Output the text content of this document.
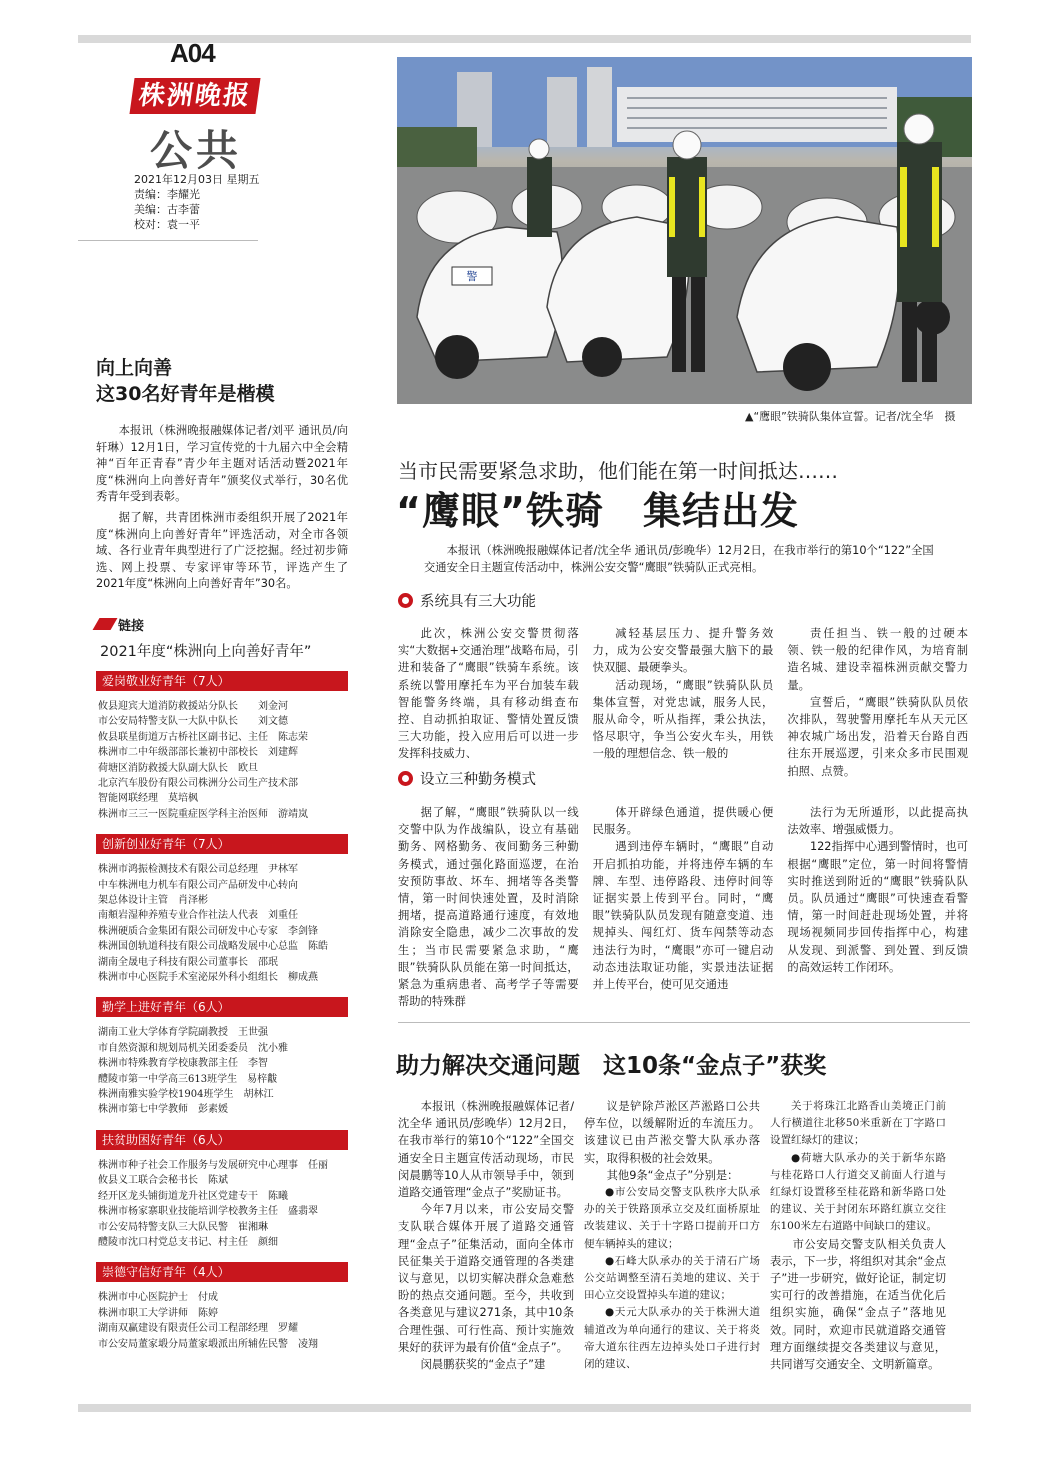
A04
株洲晚报
公共
2021年12月03日 星期五
责编：李耀光
美编：古李蕾
校对：袁一平
向上向善
这30名好青年是楷模

本报讯（株洲晚报融媒体记者/刘平 通讯员/向轩琳）12月1日，学习宣传党的十九届六中全会精神“百年正青春”青少年主题对话活动暨2021年度“株洲向上向善好青年”颁奖仪式举行，30名优秀青年受到表彰。

据了解，共青团株洲市委组织开展了2021年度“株洲向上向善好青年”评选活动，对全市各领域、各行业青年典型进行了广泛挖掘。经过初步筛选、网上投票、专家评审等环节，评选产生了2021年度“株洲向上向善好青年”30名。

链接
2021年度“株洲向上向善好青年”
爱岗敬业好青年（7人）
攸县迎宾大道消防救援站分队长　　刘金河
市公安局特警支队一大队中队长　　刘文德
攸县联星街道万古桥社区副书记、主任　陈志荣
株洲市二中年级部部长兼初中部校长　刘建辉
荷塘区消防救援大队副大队长　欧旦
北京汽车股份有限公司株洲分公司生产技术部
智能网联经理　莫培枫
株洲市三三一医院重症医学科主治医师　游靖岚
创新创业好青年（7人）
株洲市鸿振检测技术有限公司总经理　尹林军
中车株洲电力机车有限公司产品研发中心转向
架总体设计主管　肖泽彬
南頫岩湿种养殖专业合作社法人代表　刘重任
株洲硬质合金集团有限公司研发中心专家　李剑锋
株洲国创轨道科技有限公司战略发展中心总监　陈皓
湖南全晟电子科技有限公司董事长　邵珉
株洲市中心医院手术室泌尿外科小组组长　柳成燕
勤学上进好青年（6人）
湖南工业大学体育学院副教授　王世强
市自然资源和规划局机关团委委员　沈小雅
株洲市特殊教育学校康教部主任　李智
醴陵市第一中学高三613班学生　易梓黻
株洲南雅实验学校1904班学生　胡林江
株洲市第七中学教师　彭素媛
扶贫助困好青年（6人）
株洲市种子社会工作服务与发展研究中心理事　任丽
攸县义工联合会秘书长　陈斌
经开区龙头铺街道龙升社区党建专干　陈曦
株洲市杨家寨职业技能培训学校教务主任　盛翡翠
市公安局特警支队三大队民警　崔湘琳
醴陵市沈口村党总支书记、村主任　颜细
崇德守信好青年（4人）
株洲市中心医院护士　付成
株洲市职工大学讲师　陈婷
湖南双赢建设有限责任公司工程部经理　罗耀
市公安局董家塅分局董家塅派出所辅佐民警　凌翔
警
▲“鹰眼”铁骑队集体宣誓。记者/沈全华　摄
当市民需要紧急求助，他们能在第一时间抵达……
“鹰眼”铁骑　集结出发
本报讯（株洲晚报融媒体记者/沈全华 通讯员/彭晚华）12月2日，在我市举行的第10个“122”全国交通安全日主题宣传活动中，株洲公安交警“鹰眼”铁骑队正式亮相。
系统具有三大功能

此次，株洲公安交警贯彻落实“大数据+交通治理”战略布局，引进和装备了“鹰眼”铁骑车系统。该系统以警用摩托车为平台加装车载智能警务终端，具有移动缉查布控、自动抓拍取证、警情处置反馈三大功能，投入应用后可以进一步发挥科技威力、

减轻基层压力、提升警务效力，成为公安交警最强大脑下的最快双腿、最硬拳头。

活动现场，“鹰眼”铁骑队队员集体宣誓，对党忠诚，服务人民，服从命令，听从指挥，秉公执法，恪尽职守，争当公安火车头，用铁一般的理想信念、铁一般的

责任担当、铁一般的过硬本领、铁一般的纪律作风，为培育制造名城、建设幸福株洲贡献交警力量。

宣誓后，“鹰眼”铁骑队队员依次排队，驾驶警用摩托车从天元区神农城广场出发，沿着天台路自西往东开展巡逻，引来众多市民围观拍照、点赞。

设立三种勤务模式

据了解，“鹰眼”铁骑队以一线交警中队为作战编队，设立有基础勤务、网格勤务、夜间勤务三种勤务模式，通过强化路面巡逻，在治安预防事故、坏车、拥堵等各类警情，第一时间快速处置，及时消除拥堵，提高道路通行速度，有效地消除安全隐患，减少二次事故的发生；当市民需要紧急求助，“鹰眼”铁骑队队员能在第一时间抵达，紧急为重病患者、高考学子等需要帮助的特殊群

体开辟绿色通道，提供暖心便民服务。

遇到违停车辆时，“鹰眼”自动开启抓拍功能，并将违停车辆的车牌、车型、违停路段、违停时间等证据实景上传到平台。同时，“鹰眼”铁骑队队员发现有随意变道、违规掉头、闯红灯、货车闯禁等动态违法行为时，“鹰眼”亦可一键启动动态违法取证功能，实景违法证据并上传平台，使可见交通违

法行为无所遁形，以此提高执法效率、增强威慑力。

122指挥中心遇到警情时，也可根据“鹰眼”定位，第一时间将警情实时推送到附近的“鹰眼”铁骑队队员。队员通过“鹰眼”可快速查看警情，第一时间赶赴现场处置，并将现场视频同步回传指挥中心，构建从发现、到派警、到处置、到反馈的高效运转工作闭环。

助力解决交通问题　这10条“金点子”获奖

本报讯（株洲晚报融媒体记者/沈全华 通讯员/彭晚华）12月2日，在我市举行的第10个“122”全国交通安全日主题宣传活动现场，市民闵晨鹏等10人从市领导手中，领到道路交通管理“金点子”奖励证书。

今年7月以来，市公安局交警支队联合媒体开展了道路交通管理“金点子”征集活动，面向全体市民征集关于道路交通管理的各类建议与意见，以切实解决群众急难愁盼的热点交通问题。至今，共收到各类意见与建议271条，其中10条合理性强、可行性高、预计实施效果好的获评为最有价值“金点子”。

闵晨鹏获奖的“金点子”建

议是铲除芦淞区芦淞路口公共停车位，以缓解附近的车流压力。该建议已由芦淞交警大队承办落实，取得积极的社会效果。

其他9条“金点子”分别是：

●市公安局交警支队秩序大队承办的关于铁路顶承立交及红面桥原址改装建议、关于十字路口提前开口方便车辆掉头的建议；

●石峰大队承办的关于清石广场公交站调整至清石美地的建议、关于田心立交设置掉头车道的建议；

●天元大队承办的关于株洲大道辅道改为单向通行的建议、关于将炎帝大道东往西左边掉头处口子进行封闭的建议、

关于将珠江北路香山美境正门前人行横道往北移50米重新在丁字路口设置红绿灯的建议；

●荷塘大队承办的关于新华东路与桂花路口人行道交叉前面人行道与红绿灯设置移至桂花路和新华路口处的建议、关于封闭东环路红旗立交往东100米左右道路中间缺口的建议。

市公安局交警支队相关负责人表示，下一步，将组织对其余“金点子”进一步研究，做好论证，制定切实可行的改善措施，在适当优化后组织实施，确保“金点子”落地见效。同时，欢迎市民就道路交通管理方面继续提交各类建议与意见，共同谱写交通安全、文明新篇章。
